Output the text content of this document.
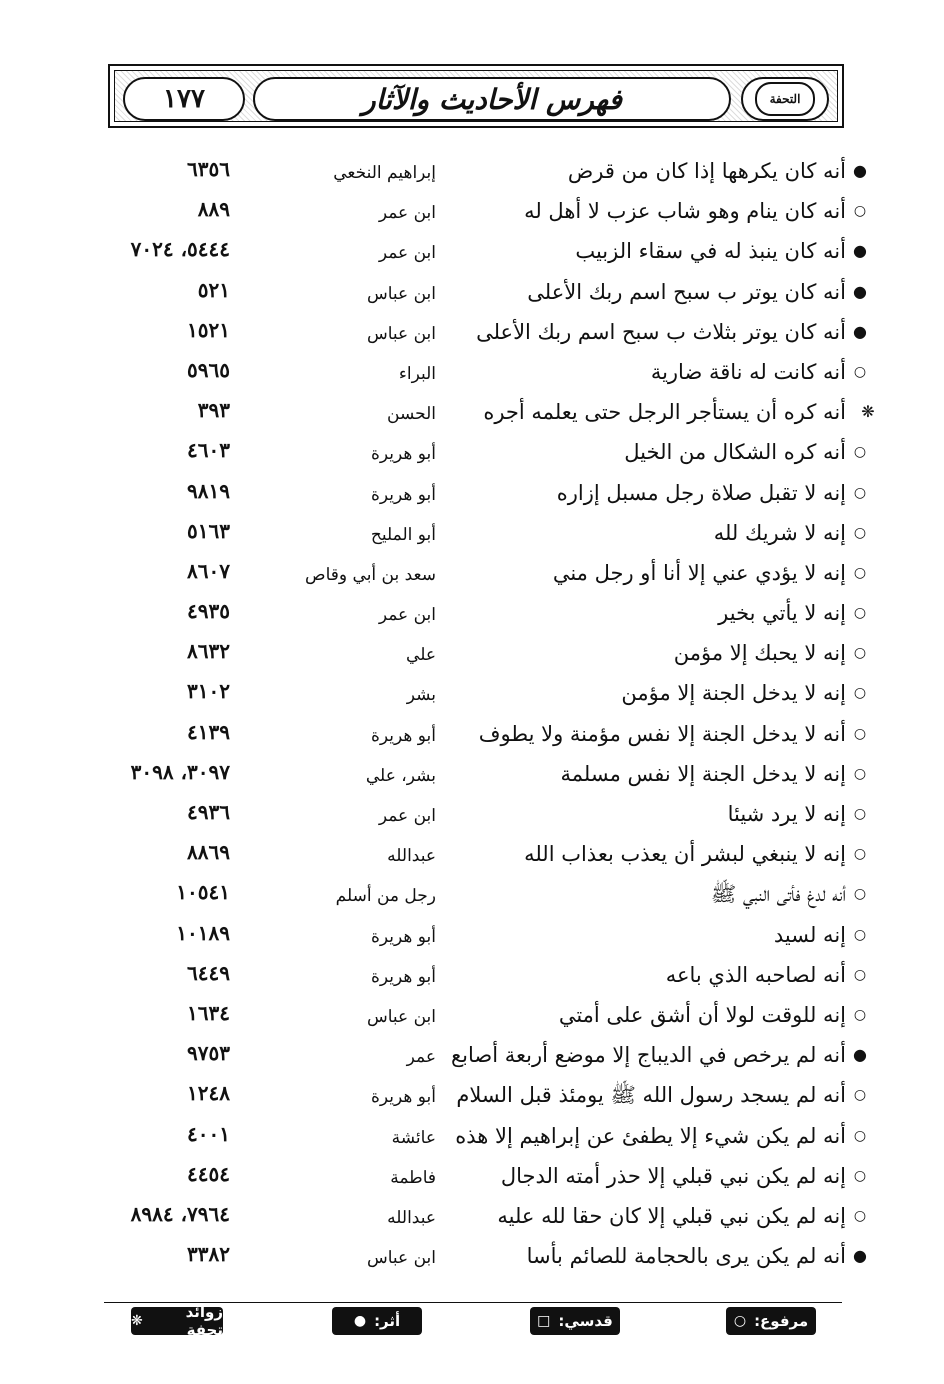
١٧٧	فهرس الأحاديث والآثار	التحفة
●
أنه كان يكرهها إذا كان من قرض
إبراهيم النخعي
٦٣٥٦
○
أنه كان ينام وهو شاب عزب لا أهل له
ابن عمر
٨٨٩
●
أنه كان ينبذ له في سقاء الزبيب
ابن عمر
٥٤٤٤، ٧٠٢٤
●
أنه كان يوتر ب سبح اسم ربك الأعلى
ابن عباس
٥٢١
●
أنه كان يوتر بثلاث ب سبح اسم ربك الأعلى
ابن عباس
١٥٢١
○
أنه كانت له ناقة ضارية
البراء
٥٩٦٥
❋
أنه كره أن يستأجر الرجل حتى يعلمه أجره
الحسن
٣٩٣
○
أنه كره الشكال من الخيل
أبو هريرة
٤٦٠٣
○
إنه لا تقبل صلاة رجل مسبل إزاره
أبو هريرة
٩٨١٩
○
إنه لا شريك لله
أبو المليح
٥١٦٣
○
إنه لا يؤدي عني إلا أنا أو رجل مني
سعد بن أبي وقاص
٨٦٠٧
○
إنه لا يأتي بخير
ابن عمر
٤٩٣٥
○
إنه لا يحبك إلا مؤمن
علي
٨٦٣٢
○
إنه لا يدخل الجنة إلا مؤمن
بشر
٣١٠٢
○
أنه لا يدخل الجنة إلا نفس مؤمنة ولا يطوف
أبو هريرة
٤١٣٩
○
إنه لا يدخل الجنة إلا نفس مسلمة
بشر، علي
٣٠٩٧، ٣٠٩٨
○
إنه لا يرد شيئا
ابن عمر
٤٩٣٦
○
إنه لا ينبغي لبشر أن يعذب بعذاب الله
عبدالله
٨٨٦٩
○
أنه لدغ فأتى النبي ﷺ
رجل من أسلم
١٠٥٤١
○
إنه لسيد
أبو هريرة
١٠١٨٩
○
أنه لصاحبه الذي باعه
أبو هريرة
٦٤٤٩
○
إنه للوقت لولا أن أشق على أمتي
ابن عباس
١٦٣٤
●
أنه لم يرخص في الديباج إلا موضع أربعة أصابع
عمر
٩٧٥٣
○
أنه لم يسجد رسول الله ﷺ يومئذ قبل السلام
أبو هريرة
١٢٤٨
○
أنه لم يكن شيء إلا يطفئ عن إبراهيم إلا هذه
عائشة
٤٠٠١
○
إنه لم يكن نبي قبلي إلا حذر أمته الدجال
فاطمة
٤٤٥٤
○
إنه لم يكن نبي قبلي إلا كان حقا لله عليه
عبدالله
٧٩٦٤، ٨٩٨٤
●
أنه لم يكن يرى بالحجامة للصائم بأسا
ابن عباس
٣٣٨٢
مرفوع:
○
قدسي:
□
أثر:
●
زوائد تحفة
❋
